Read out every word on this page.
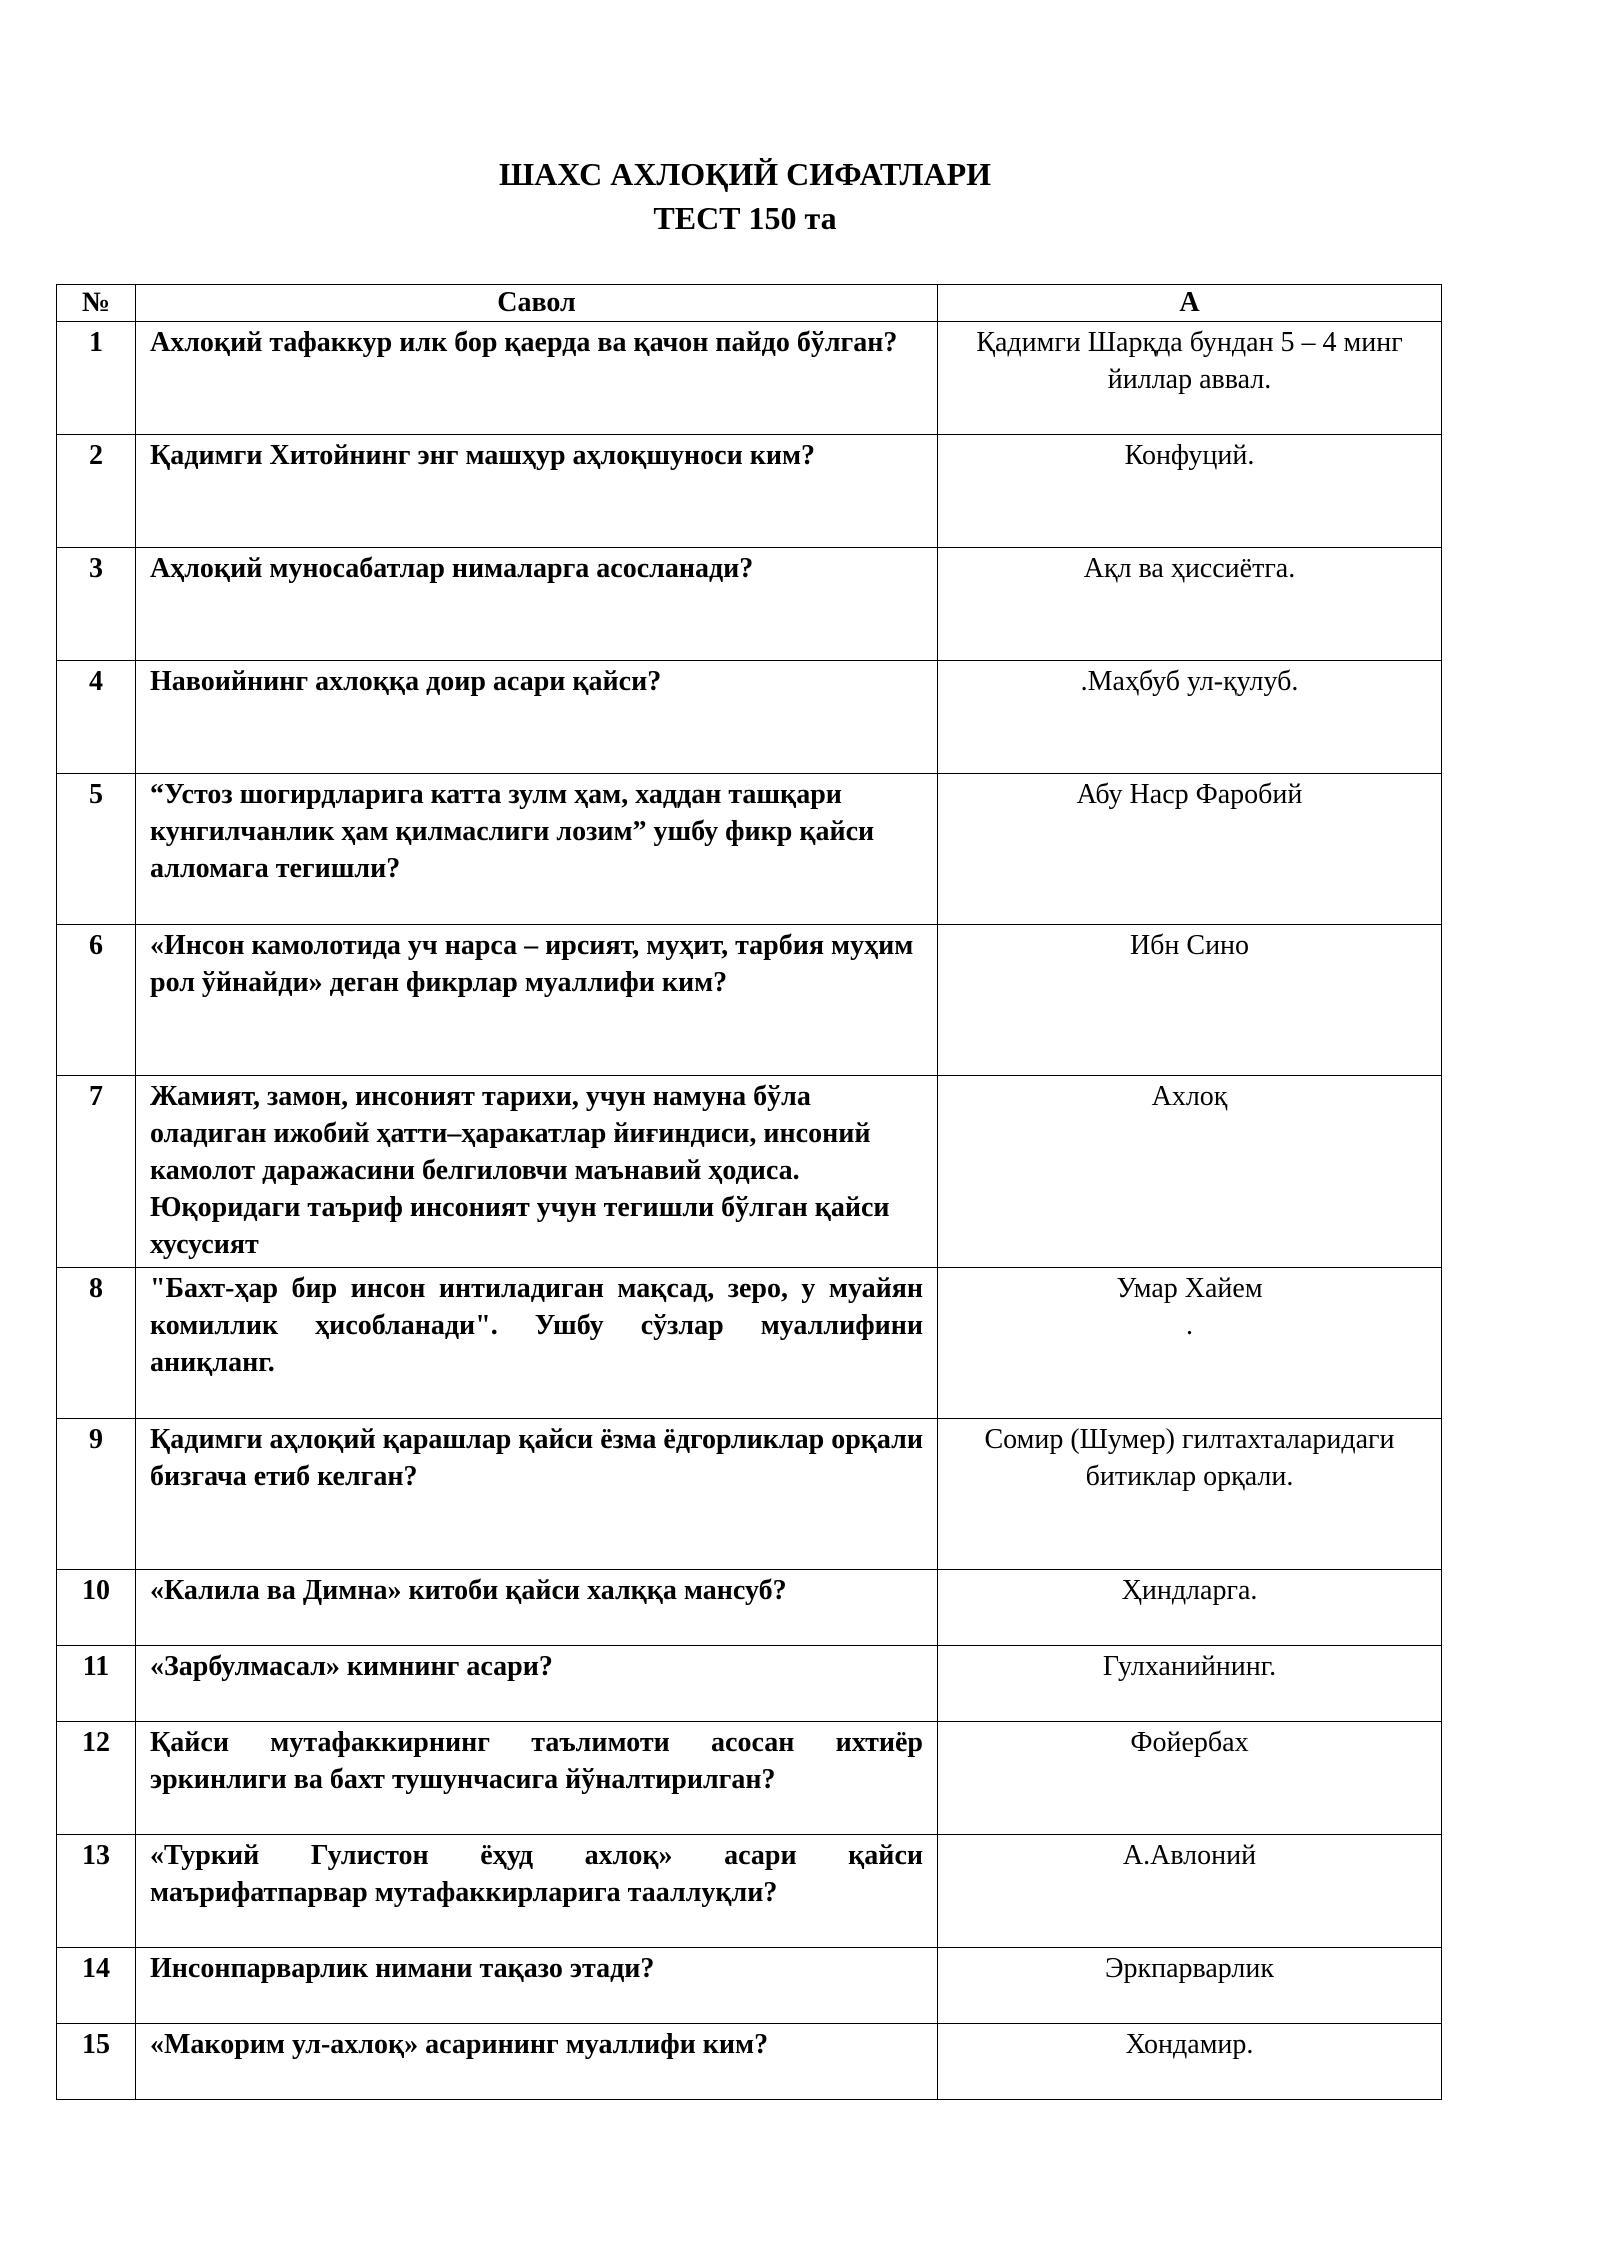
ШАХС АХЛОҚИЙ СИФАТЛАРИ
ТЕСТ 150 та
№	Савол	A
1	Ахлоқий тафаккур илк бор қаерда ва қачон пайдо бўлган?	Қадимги Шарқда бундан 5 – 4 минг йиллар аввал.
2	Қадимги Хитойнинг энг машҳур аҳлоқшуноси ким?	Конфуций.
3	Аҳлоқий муносабатлар нималарга асосланади?	Ақл ва ҳиссиётга.
4	Навоийнинг ахлоққа доир асари қайси?	.Маҳбуб ул-қулуб.
5	“Устоз шогирдларига катта зулм ҳам, хаддан ташқари кунгилчанлик ҳам қилмаслиги лозим” ушбу фикр қайси алломага тегишли?	Абу Наср Фаробий
6	«Инсон камолотида уч нарса – ирсият, муҳит, тарбия муҳим рол ўйнайди» деган фикрлар муаллифи ким?	Ибн Сино
7	Жамият, замон, инсоният тарихи, учун намуна бўла оладиган ижобий ҳатти–ҳаракатлар йиғиндиси, инсоний камолот даражасини белгиловчи маънавий ҳодиса. Юқоридаги таъриф инсоният учун тегишли бўлган қайси хусусият	Ахлоқ
8	"Бахт-ҳар бир инсон интиладиган мақсад, зеро, у муайян комиллик ҳисобланади". Ушбу сўзлар муаллифини аниқланг.	Умар Хайем
.

9	Қадимги аҳлоқий қарашлар қайси ёзма ёдгорликлар орқали бизгача етиб келган?	Сомир (Шумер) гилтахталаридаги битиклар орқали.
10	«Калила ва Димна» китоби қайси халққа мансуб?	Ҳиндларга.
11	«Зарбулмасал» кимнинг асари?	Гулханийнинг.
12	Қайси мутафаккирнинг таълимоти асосан ихтиёр эркинлиги ва бахт тушунчасига йўналтирилган?	Фойербах
13	«Туркий Гулистон ёҳуд ахлоқ» асари қайси маърифатпарвар мутафаккирларига тааллуқли?	А.Авлоний
14	Инсонпарварлик нимани тақазо этади?	Эркпарварлик
15	«Макорим ул-ахлоқ» асарининг муаллифи ким?	Хондамир.
